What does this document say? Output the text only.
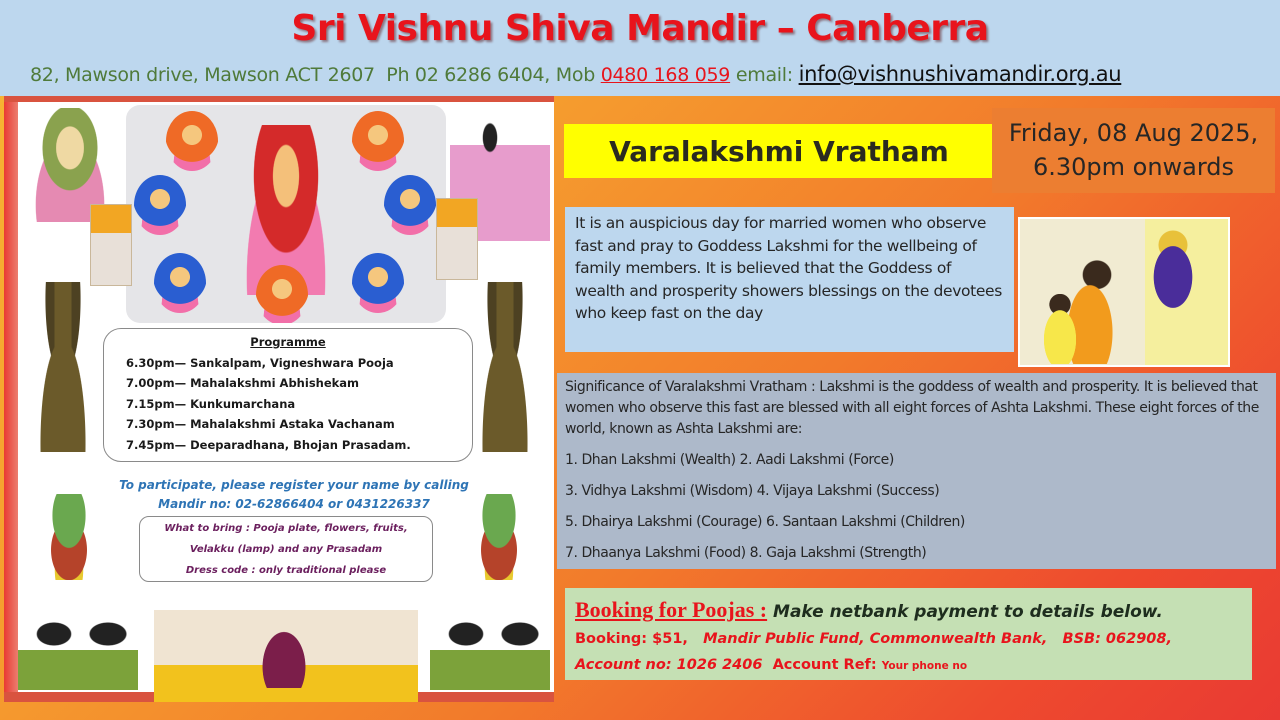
Sri Vishnu Shiva Mandir – Canberra
82, Mawson drive, Mawson ACT 2607 Ph 02 6286 6404, Mob 0480 168 059 email: info@vishnushivamandir.org.au
Programme
6.30pm— Sankalpam, Vigneshwara Pooja
7.00pm— Mahalakshmi Abhishekam
7.15pm— Kunkumarchana
7.30pm— Mahalakshmi Astaka Vachanam
7.45pm— Deeparadhana, Bhojan Prasadam.
To participate, please register your name by calling
Mandir no: 02-62866404 or 0431226337
What to bring : Pooja plate, flowers, fruits,
Velakku (lamp) and any Prasadam
Dress code : only traditional please
Varalakshmi Vratham
Friday, 08 Aug 2025,
6.30pm onwards
It is an auspicious day for married women who observe fast and pray to Goddess Lakshmi for the wellbeing of family members. It is believed that the Goddess of wealth and prosperity showers blessings on the devotees who keep fast on the day
Significance of Varalakshmi Vratham : Lakshmi is the goddess of wealth and prosperity. It is believed that women who observe this fast are blessed with all eight forces of Ashta Lakshmi. These eight forces of the world, known as Ashta Lakshmi are:
1. Dhan Lakshmi (Wealth) 2. Aadi Lakshmi (Force)
3. Vidhya Lakshmi (Wisdom) 4. Vijaya Lakshmi (Success)
5. Dhairya Lakshmi (Courage) 6. Santaan Lakshmi (Children)
7. Dhaanya Lakshmi (Food) 8. Gaja Lakshmi (Strength)
Booking for Poojas : Make netbank payment to details below.
Booking: $51, Mandir Public Fund, Commonwealth Bank, BSB: 062908,
Account no: 1026 2406 Account Ref: Your phone no
